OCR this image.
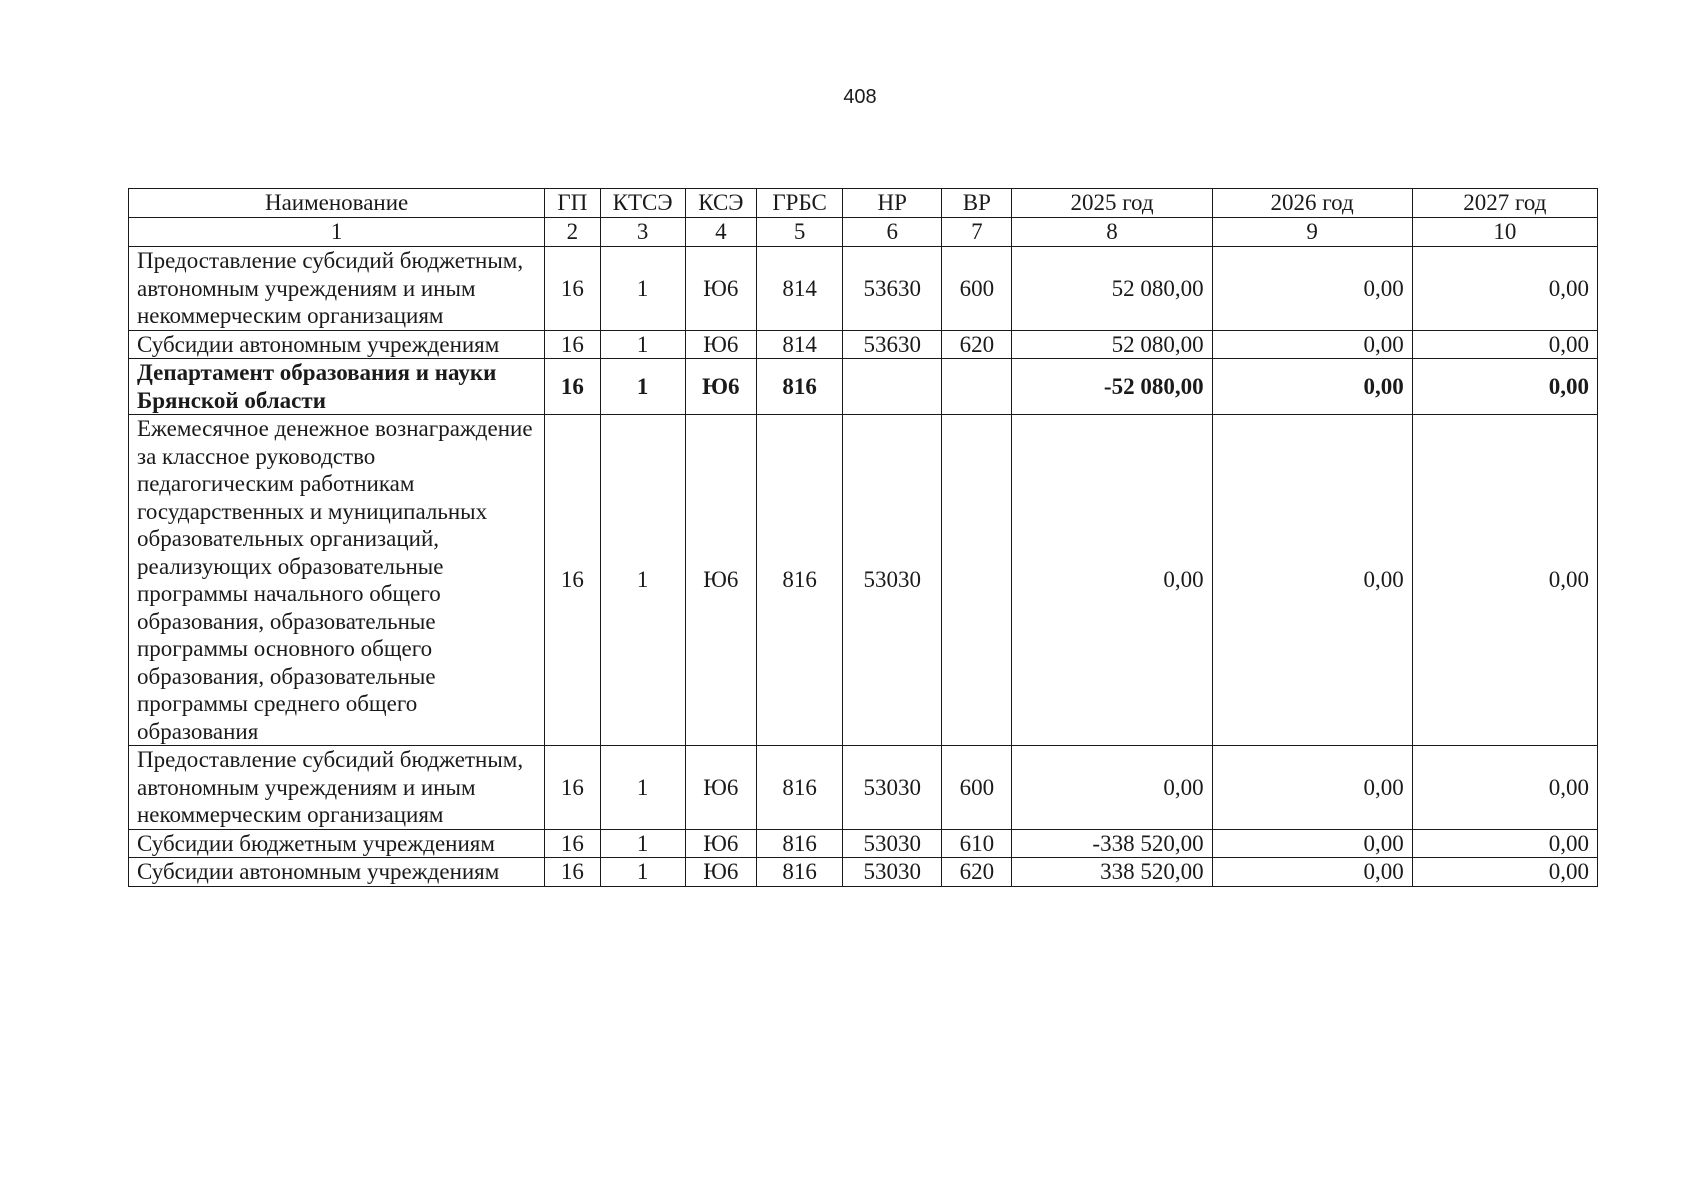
408
Наименование	ГП	КТСЭ	КСЭ	ГРБС	НР	ВР	2025 год	2026 год	2027 год
1	2	3	4	5	6	7	8	9	10
Предоставление субсидий бюджетным, автономным учреждениям и иным некоммерческим организациям	16	1	Ю6	814	53630	600	52 080,00	0,00	0,00
Субсидии автономным учреждениям	16	1	Ю6	814	53630	620	52 080,00	0,00	0,00
Департамент образования и науки Брянской области	16	1	Ю6	816			-52 080,00	0,00	0,00
Ежемесячное денежное вознаграждение за классное руководство педагогическим работникам государственных и муниципальных образовательных организаций, реализующих образовательные программы начального общего образования, образовательные программы основного общего образования, образовательные программы среднего общего образования	16	1	Ю6	816	53030		0,00	0,00	0,00
Предоставление субсидий бюджетным, автономным учреждениям и иным некоммерческим организациям	16	1	Ю6	816	53030	600	0,00	0,00	0,00
Субсидии бюджетным учреждениям	16	1	Ю6	816	53030	610	-338 520,00	0,00	0,00
Субсидии автономным учреждениям	16	1	Ю6	816	53030	620	338 520,00	0,00	0,00
